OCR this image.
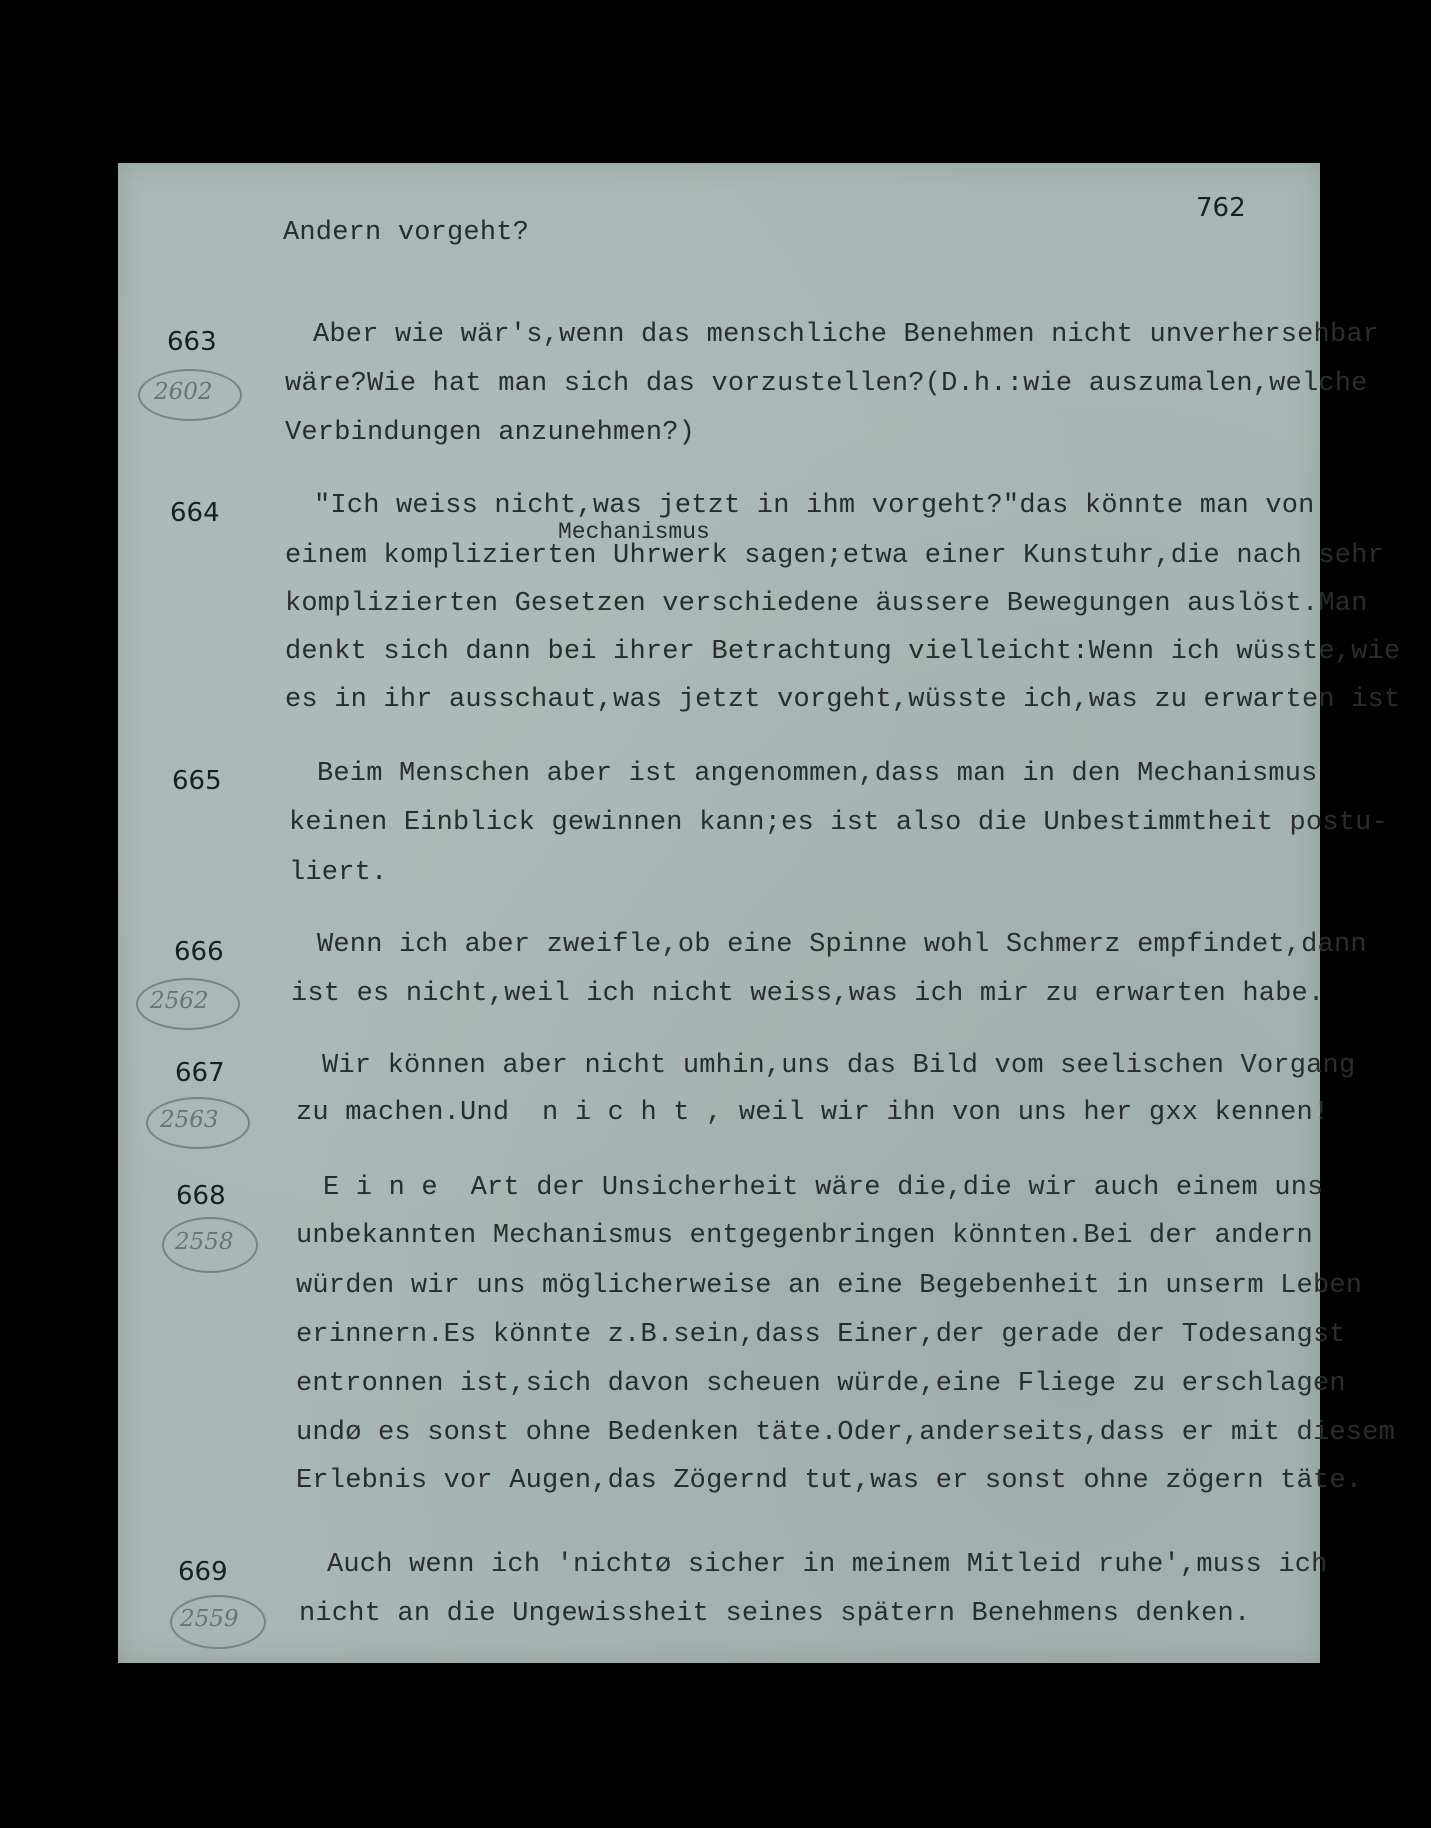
762
Andern vorgeht?
663
2602
Aber wie wär's,wenn das menschliche Benehmen nicht unverhersehbar
wäre?Wie hat man sich das vorzustellen?(D.h.:wie auszumalen,welche
Verbindungen anzunehmen?)
664	"Ich weiss nicht,was jetzt in ihm vorgeht?"das könnte man von
Mechanismus
einem komplizierten Uhrwerk sagen;etwa einer Kunstuhr,die nach sehr
komplizierten Gesetzen verschiedene äussere Bewegungen auslöst.Man
denkt sich dann bei ihrer Betrachtung vielleicht:Wenn ich wüsste,wie
es in ihr ausschaut,was jetzt vorgeht,wüsste ich,was zu erwarten ist
665	Beim Menschen aber ist angenommen,dass man in den Mechanismus
keinen Einblick gewinnen kann;es ist also die Unbestimmtheit postu-
liert.
666
2562
Wenn ich aber zweifle,ob eine Spinne wohl Schmerz empfindet,dann
ist es nicht,weil ich nicht weiss,was ich mir zu erwarten habe.
667
2563
Wir können aber nicht umhin,uns das Bild vom seelischen Vorgang
zu machen.Und  n i c h t , weil wir ihn von uns her gxx kennen!
668
2558
E i n e  Art der Unsicherheit wäre die,die wir auch einem uns
unbekannten Mechanismus entgegenbringen könnten.Bei der andern
würden wir uns möglicherweise an eine Begebenheit in unserm Leben
erinnern.Es könnte z.B.sein,dass Einer,der gerade der Todesangst
entronnen ist,sich davon scheuen würde,eine Fliege zu erschlagen
undø es sonst ohne Bedenken täte.Oder,anderseits,dass er mit diesem
Erlebnis vor Augen,das Zögernd tut,was er sonst ohne zögern täte.
669
2559
Auch wenn ich 'nichtø sicher in meinem Mitleid ruhe',muss ich
nicht an die Ungewissheit seines spätern Benehmens denken.
